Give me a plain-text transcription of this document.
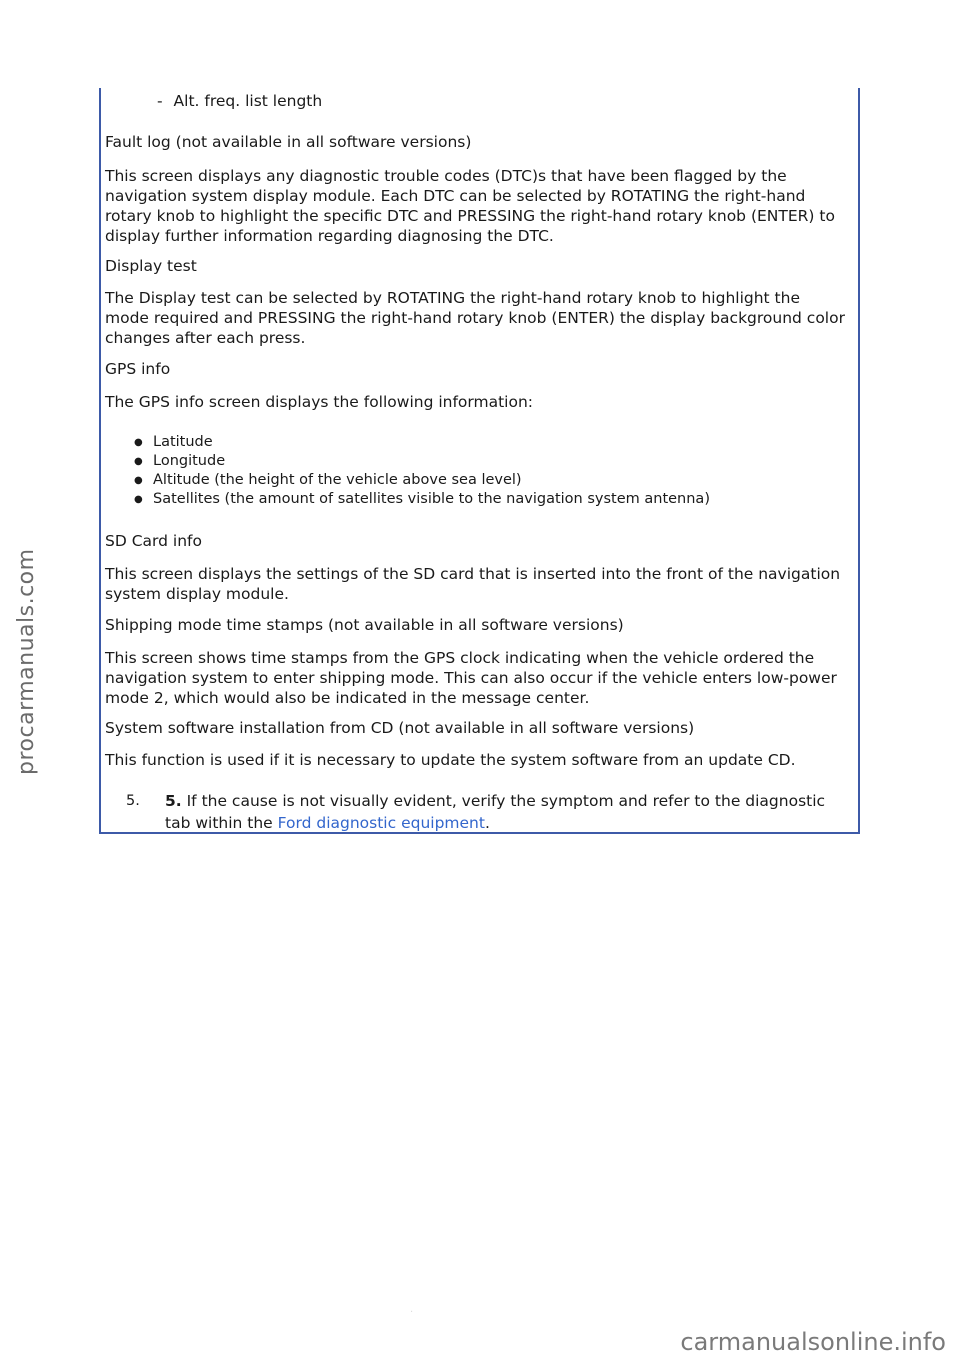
- Alt. freq. list length

Fault log (not available in all software versions)

This screen displays any diagnostic trouble codes (DTC)s that have been flagged by the navigation system display module. Each DTC can be selected by ROTATING the right-hand rotary knob to highlight the specific DTC and PRESSING the right-hand rotary knob (ENTER) to display further information regarding diagnosing the DTC.

Display test

The Display test can be selected by ROTATING the right-hand rotary knob to highlight the mode required and PRESSING the right-hand rotary knob (ENTER) the display background color changes after each press.

GPS info

The GPS info screen displays the following information:

● Latitude
● Longitude
● Altitude (the height of the vehicle above sea level)
● Satellites (the amount of satellites visible to the navigation system antenna)

SD Card info

This screen displays the settings of the SD card that is inserted into the front of the navigation system display module.

Shipping mode time stamps (not available in all software versions)

This screen shows time stamps from the GPS clock indicating when the vehicle ordered the navigation system to enter shipping mode. This can also occur if the vehicle enters low-power mode 2, which would also be indicated in the message center.

System software installation from CD (not available in all software versions)

This function is used if it is necessary to update the system software from an update CD.

5.	5. If the cause is not visually evident, verify the symptom and refer to the diagnostic tab within the Ford diagnostic equipment.
procarmanuals.com
.
carmanualsonline.info
